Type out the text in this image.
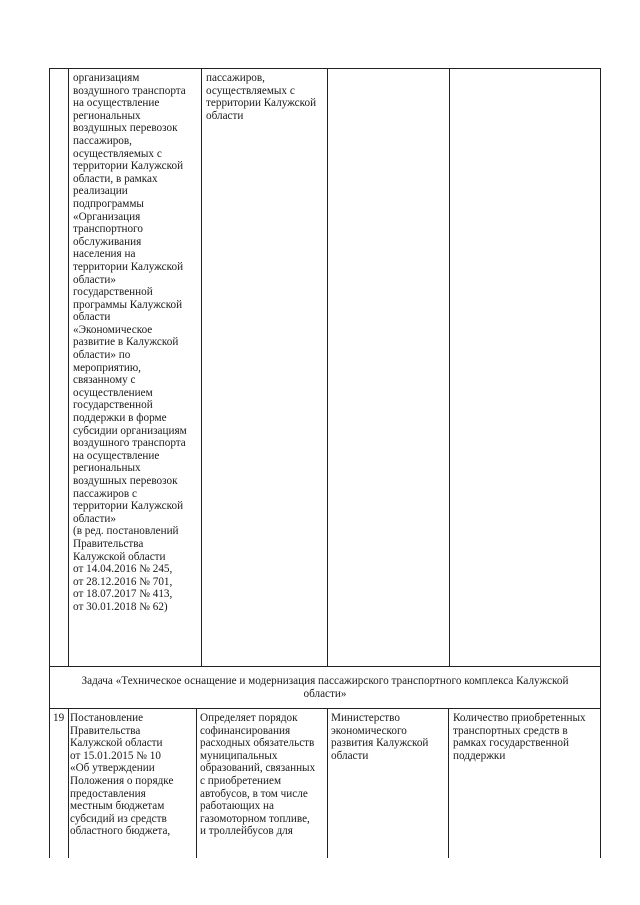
организациям
воздушного транспорта
на осуществление
региональных
воздушных перевозок
пассажиров,
осуществляемых с
территории Калужской
области, в рамках
реализации
подпрограммы
«Организация
транспортного
обслуживания
населения на
территории Калужской
области»
государственной
программы Калужской
области
«Экономическое
развитие в Калужской
области» по
мероприятию,
связанному с
осуществлением
государственной
поддержки в форме
субсидии организациям
воздушного транспорта
на осуществление
региональных
воздушных перевозок
пассажиров с
территории Калужской
области»
(в ред. постановлений
Правительства
Калужской области
от 14.04.2016 № 245,
от 28.12.2016 № 701,
от 18.07.2017 № 413,
от 30.01.2018 № 62)
пассажиров,
осуществляемых с
территории Калужской
области
Задача «Техническое оснащение и модернизация пассажирского транспортного комплекса Калужской
области»
19 Постановление
Правительства
Калужской области
от 15.01.2015 № 10
«Об утверждении
Положения о порядке
предоставления
местным бюджетам
субсидий из средств
областного бюджета,
Определяет порядок
софинансирования
расходных обязательств
муниципальных
образований, связанных
с приобретением
автобусов, в том числе
работающих на
газомоторном топливе,
и троллейбусов для
Министерство
экономического
развития Калужской
области
Количество приобретенных
транспортных средств в
рамках государственной
поддержки
